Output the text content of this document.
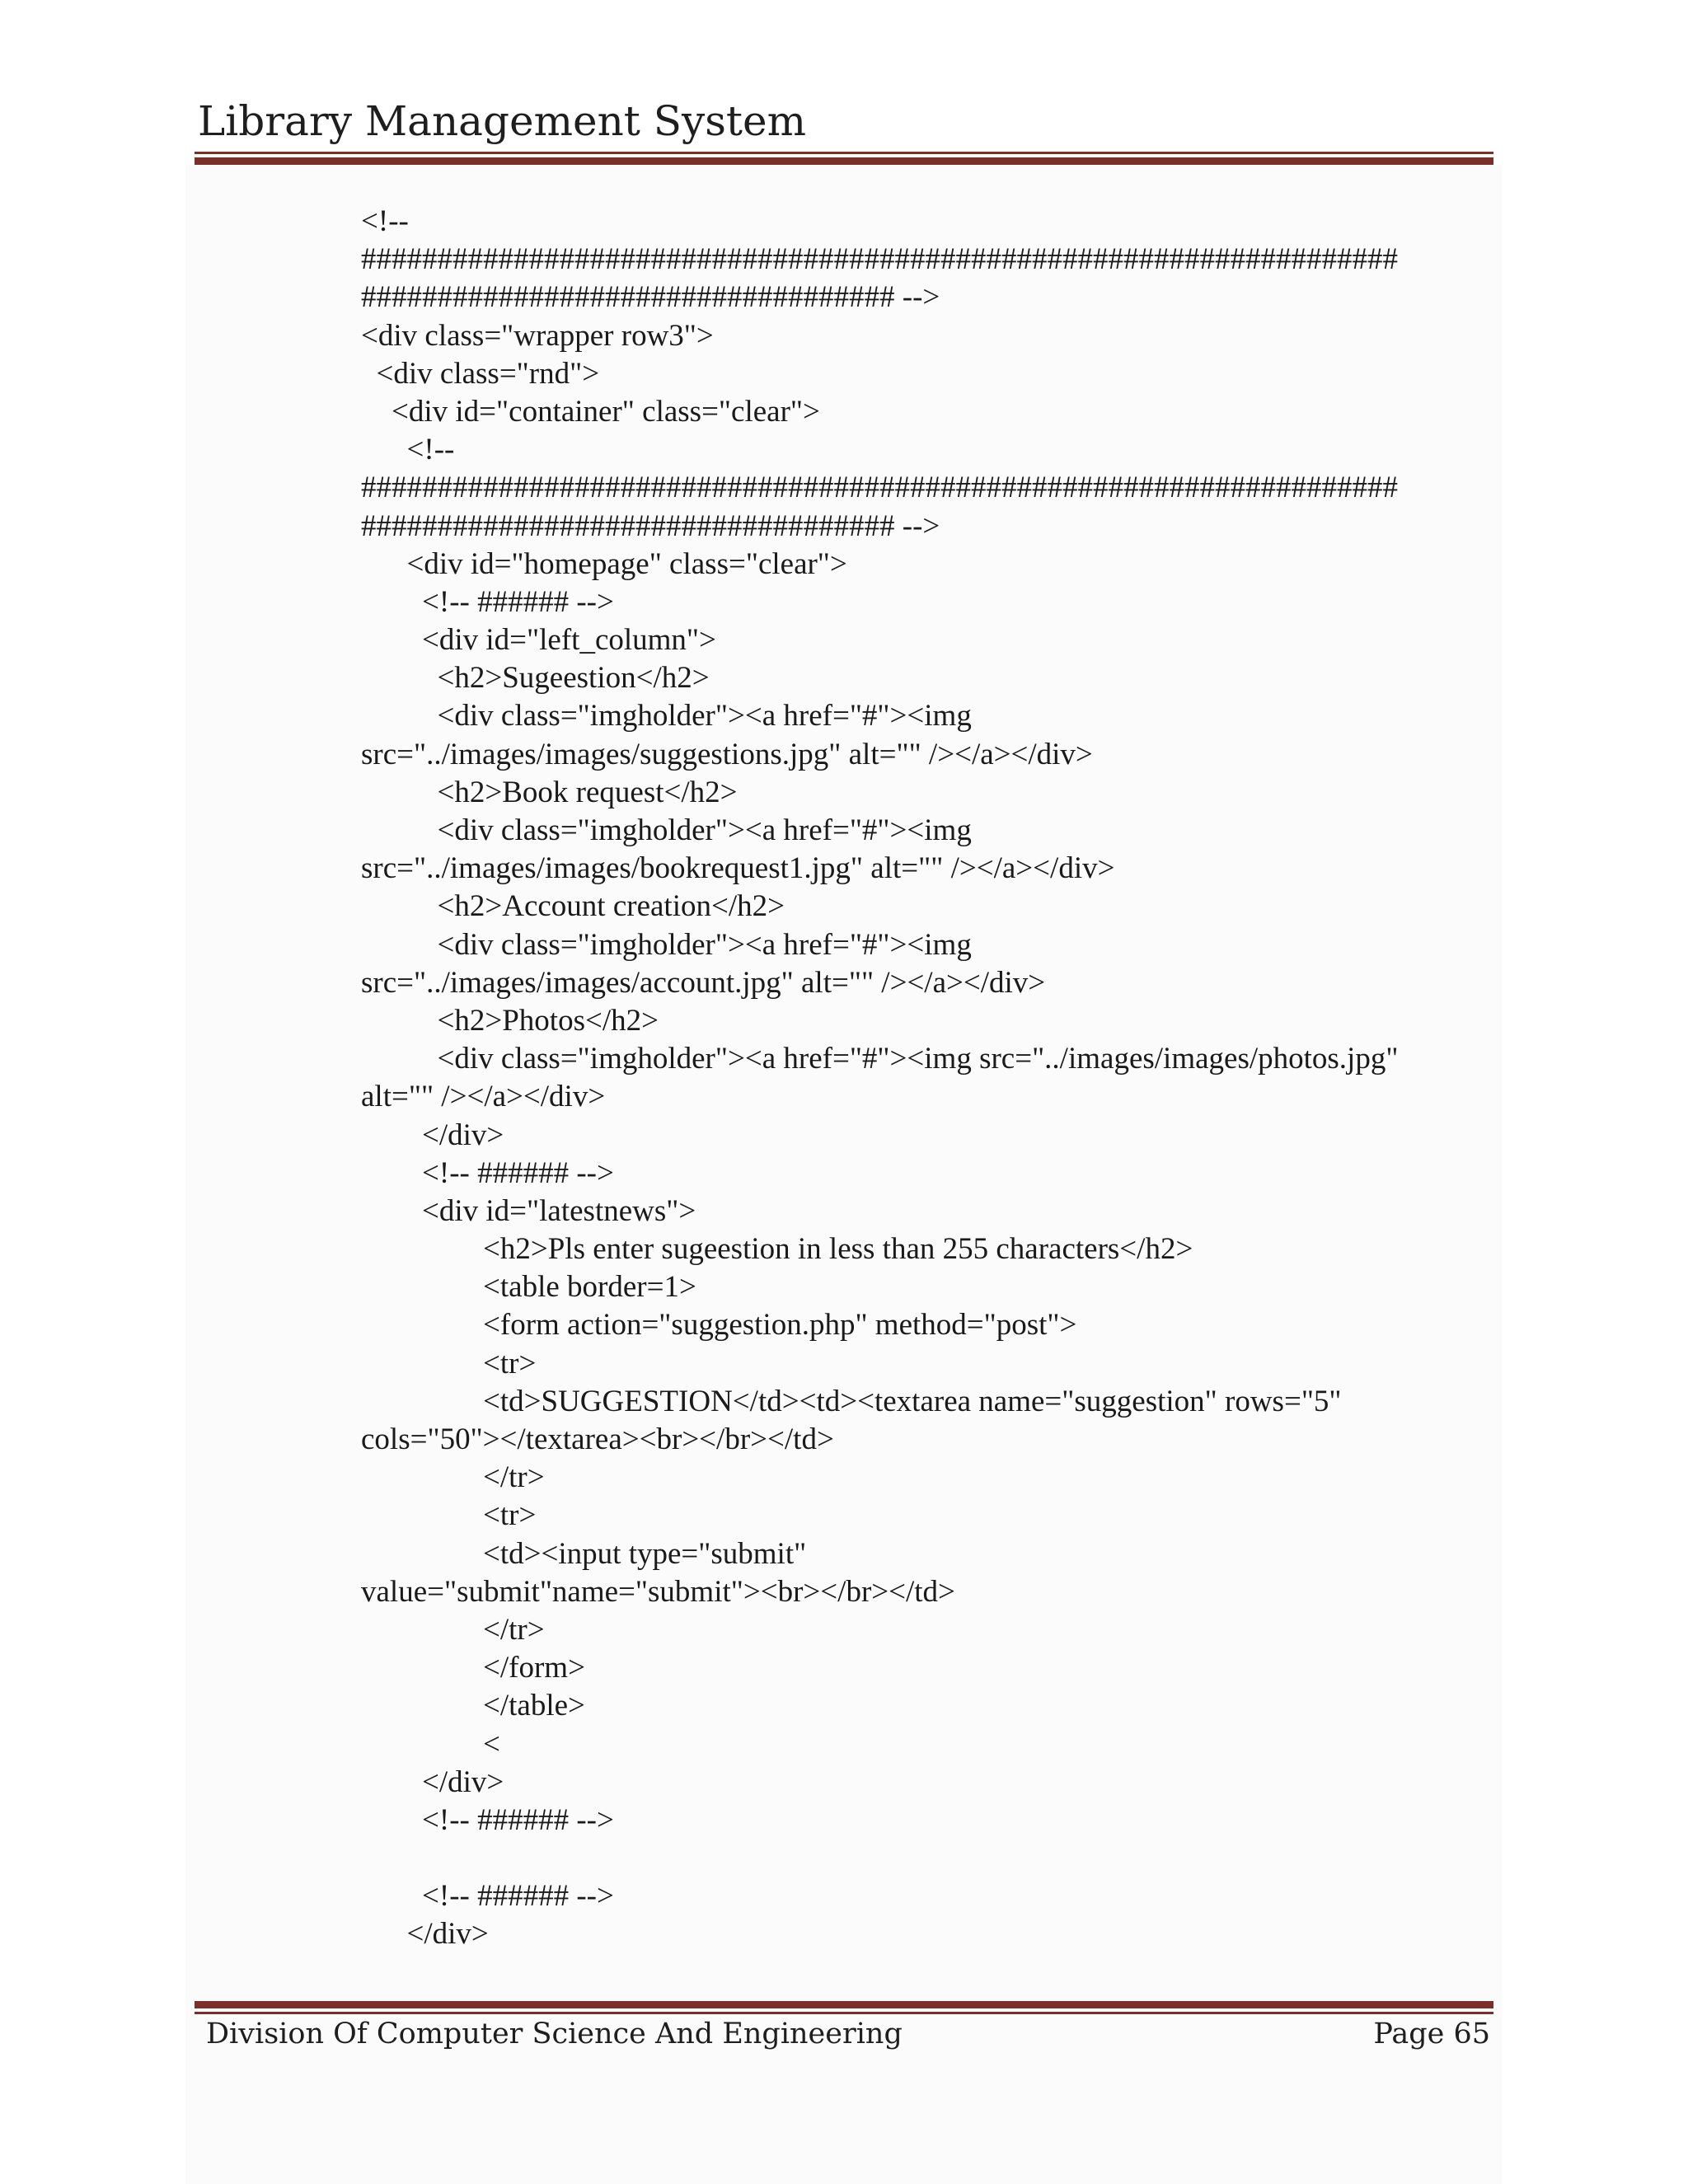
Library Management System
<!--
####################################################################
################################### -->
<div class="wrapper row3">
<div class="rnd">
<div id="container" class="clear">
<!--
####################################################################
################################### -->
<div id="homepage" class="clear">
<!-- ###### -->
<div id="left_column">
<h2>Sugeestion</h2>
<div class="imgholder"><a href="#"><img
src="../images/images/suggestions.jpg" alt="" /></a></div>
<h2>Book request</h2>
<div class="imgholder"><a href="#"><img
src="../images/images/bookrequest1.jpg" alt="" /></a></div>
<h2>Account creation</h2>
<div class="imgholder"><a href="#"><img
src="../images/images/account.jpg" alt="" /></a></div>
<h2>Photos</h2>
<div class="imgholder"><a href="#"><img src="../images/images/photos.jpg"
alt="" /></a></div>
</div>
<!-- ###### -->
<div id="latestnews">
<h2>Pls enter sugeestion in less than 255 characters</h2>
<table border=1>
<form action="suggestion.php" method="post">
<tr>
<td>SUGGESTION</td><td><textarea name="suggestion" rows="5"
cols="50"></textarea><br></br></td>
</tr>
<tr>
<td><input type="submit"
value="submit"name="submit"><br></br></td>
</tr>
</form>
</table>
<
</div>
<!-- ###### -->
<!-- ###### -->
</div>
Division Of Computer Science And Engineering	Page 65
